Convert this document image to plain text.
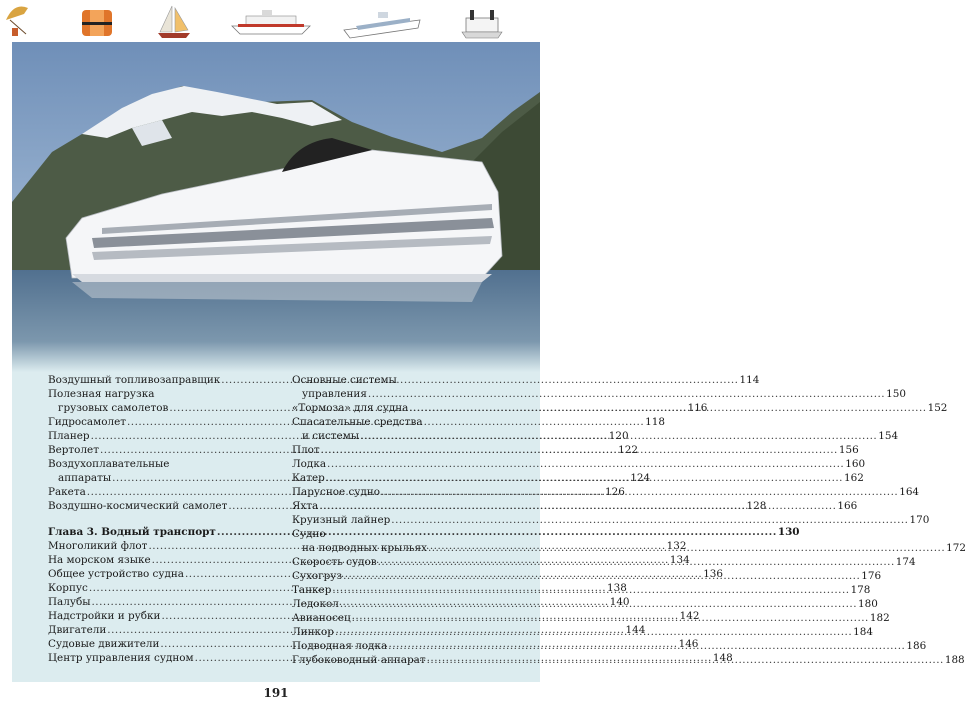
Воздушный топливозаправщик .....	114
Полезная нагрузка
грузовых самолетов .....	116
Гидросамолет .....	118
Планер .....	120
Вертолет .....	122
Воздухоплавательные
аппараты .....	124
Ракета .....	126
Воздушно-космический самолет .....	128
Глава 3. Водный транспорт .....	130
Многоликий флот .....	132
На морском языке .....	134
Общее устройство судна .....	136
Корпус .....	138
Палубы .....	140
Надстройки и рубки .....	142
Двигатели .....	144
Судовые движители .....	146
Центр управления судном .....	148
Основные системы
управления .....	150
«Тормоза» для судна .....	152
Спасательные средства
и системы .....	154
Плот .....	156
Лодка .....	160
Катер .....	162
Парусное судно .....	164
Яхта .....	166
Круизный лайнер .....	170
Судно
на подводных крыльях .....	172
Скорость судов .....	174
Сухогруз .....	176
Танкер .....	178
Ледокол .....	180
Авианосец .....	182
Линкор .....	184
Подводная лодка .....	186
Глубоководный аппарат .....	188
191
